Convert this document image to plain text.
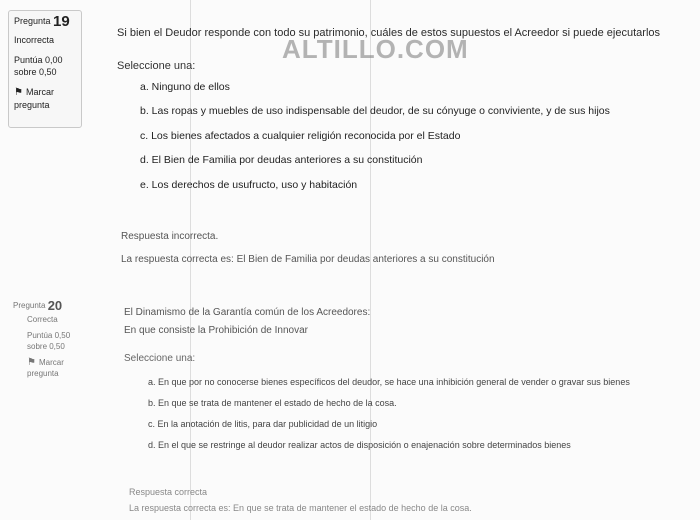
Pregunta 19
Incorrecta
Puntúa 0,00
sobre 0,50
⚑ Marcar
pregunta
Si bien el Deudor responde con todo su patrimonio, cuáles de estos supuestos el Acreedor si puede ejecutarlos
ALTILLO.COM
Seleccione una:
a. Ninguno de ellos
b. Las ropas y muebles de uso indispensable del deudor, de su cónyuge o conviviente, y de sus hijos
c. Los bienes afectados a cualquier religión reconocida por el Estado
d. El Bien de Familia por deudas anteriores a su constitución
e. Los derechos de usufructo, uso y habitación
Respuesta incorrecta.
La respuesta correcta es: El Bien de Familia por deudas anteriores a su constitución
Pregunta 20
Correcta
Puntúa 0,50
sobre 0,50
⚑ Marcar
pregunta
El Dinamismo de la Garantía común de los Acreedores:
En que consiste la Prohibición de Innovar
Seleccione una:
a. En que por no conocerse bienes específicos del deudor, se hace una inhibición general de vender o gravar sus bienes
b. En que se trata de mantener el estado de hecho de la cosa.
c. En la anotación de litis, para dar publicidad de un litigio
d. En el que se restringe al deudor realizar actos de disposición o enajenación sobre determinados bienes
Respuesta correcta
La respuesta correcta es: En que se trata de mantener el estado de hecho de la cosa.
